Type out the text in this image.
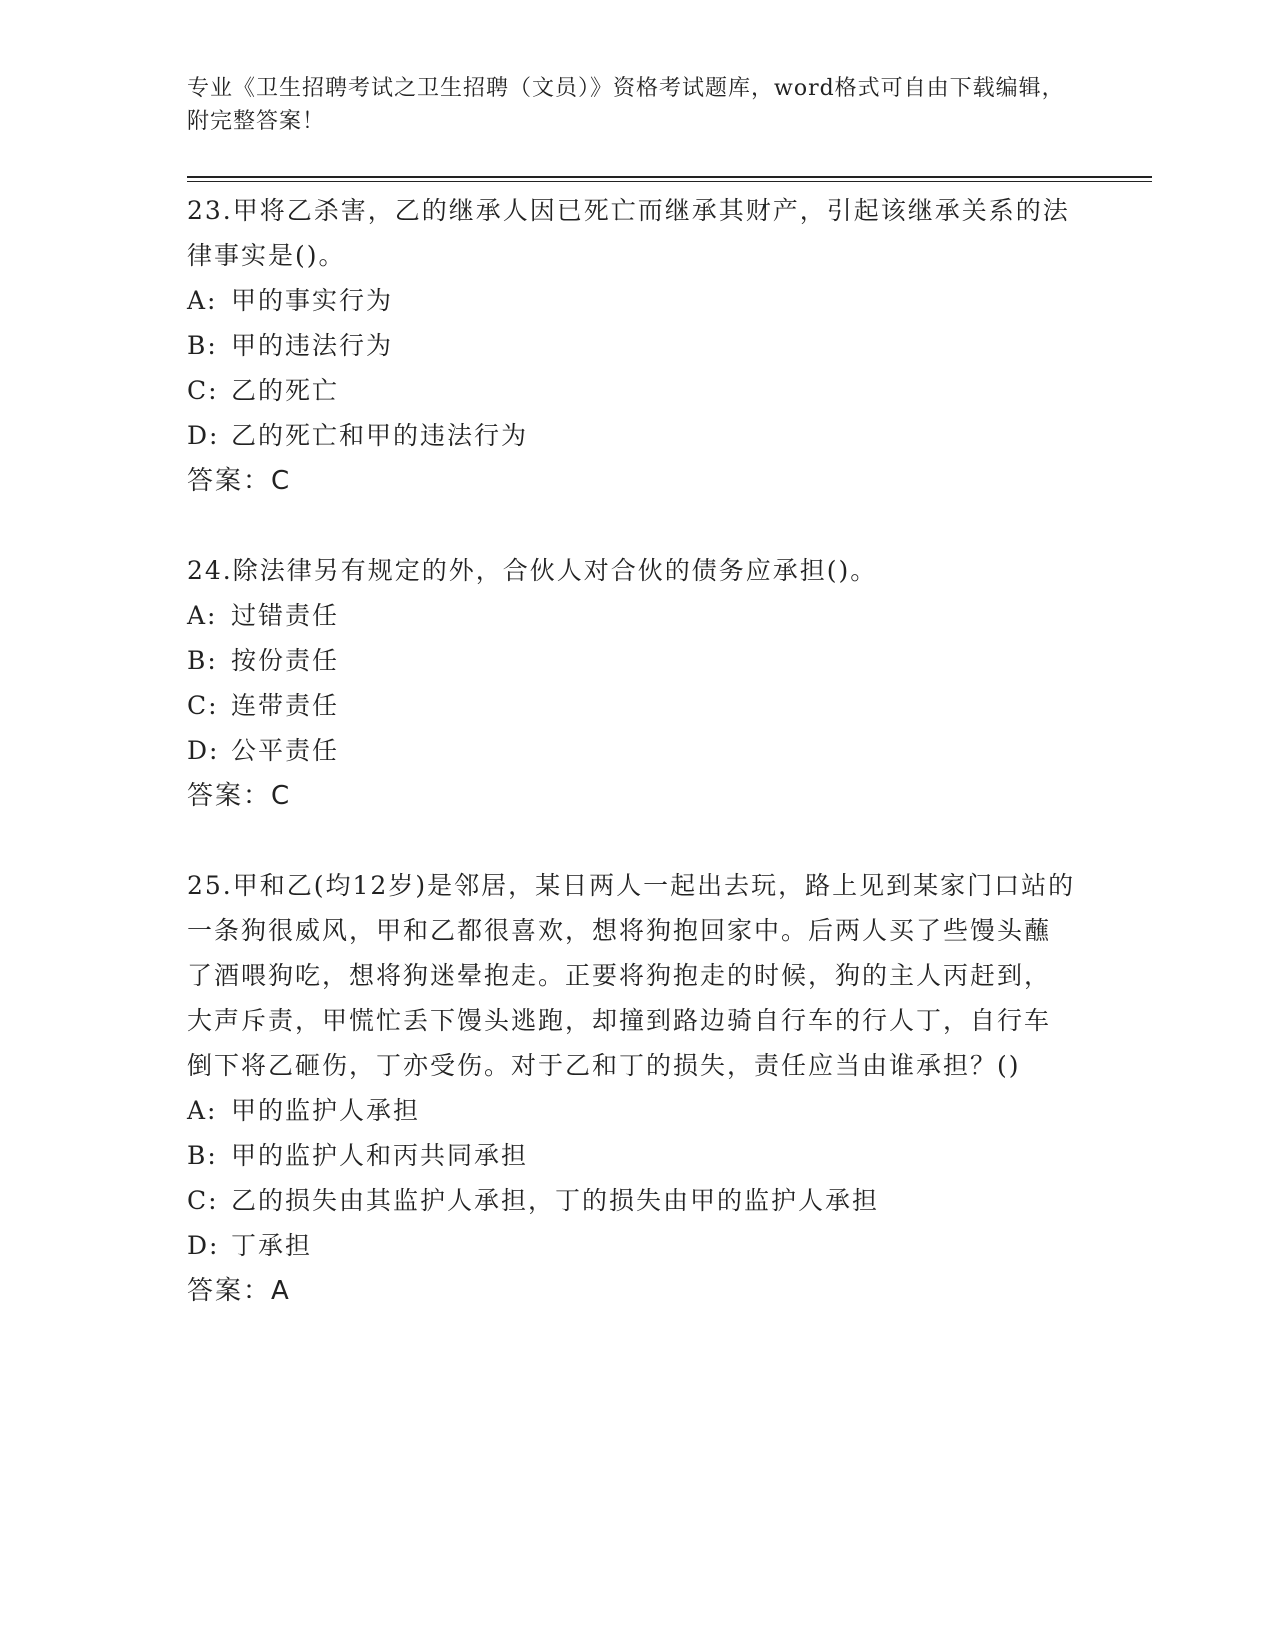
专业《卫生招聘考试之卫生招聘（文员）》资格考试题库，word格式可自由下载编辑，附完整答案！
23.甲将乙杀害，乙的继承人因已死亡而继承其财产，引起该继承关系的法律事实是()。
A: 甲的事实行为
B: 甲的违法行为
C: 乙的死亡
D: 乙的死亡和甲的违法行为
答案：C
24.除法律另有规定的外，合伙人对合伙的债务应承担()。
A: 过错责任
B: 按份责任
C: 连带责任
D: 公平责任
答案：C
25.甲和乙(均12岁)是邻居，某日两人一起出去玩，路上见到某家门口站的一条狗很威风，甲和乙都很喜欢，想将狗抱回家中。后两人买了些馒头蘸了酒喂狗吃，想将狗迷晕抱走。正要将狗抱走的时候，狗的主人丙赶到，大声斥责，甲慌忙丢下馒头逃跑，却撞到路边骑自行车的行人丁，自行车倒下将乙砸伤，丁亦受伤。对于乙和丁的损失，责任应当由谁承担？()
A: 甲的监护人承担
B: 甲的监护人和丙共同承担
C: 乙的损失由其监护人承担，丁的损失由甲的监护人承担
D: 丁承担
答案：A
